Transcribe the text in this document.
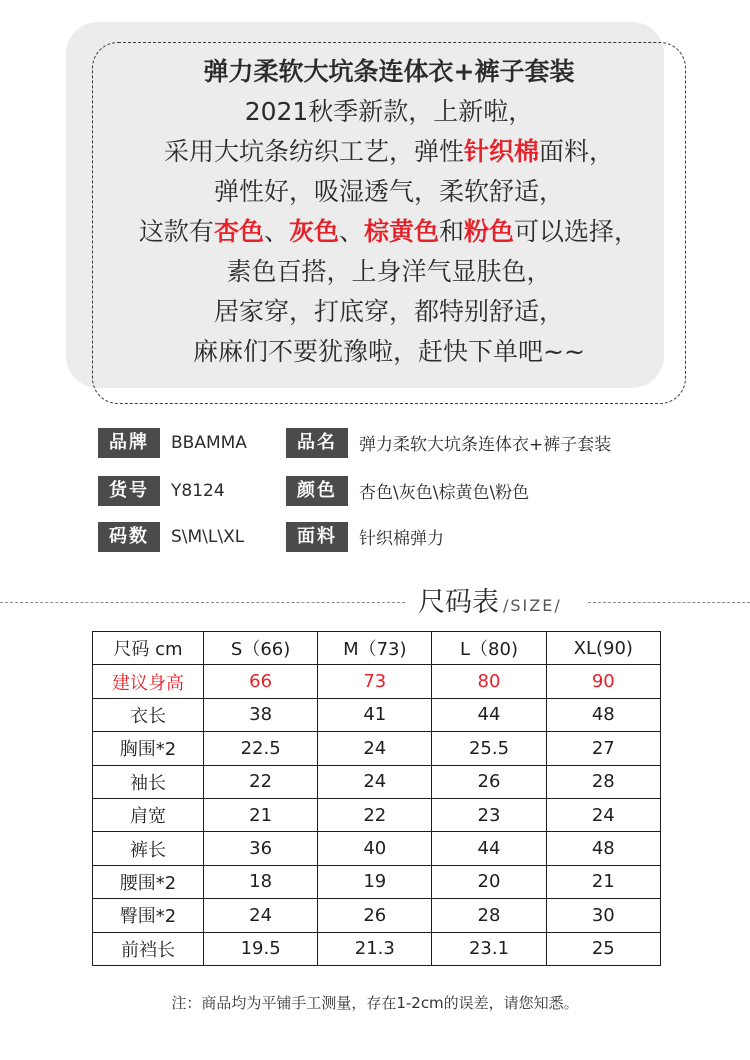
弹力柔软大坑条连体衣+裤子套装
2021秋季新款，上新啦，
采用大坑条纺织工艺，弹性针织棉面料，
弹性好，吸湿透气，柔软舒适，
这款有杏色、灰色、棕黄色和粉色可以选择，
素色百搭，上身洋气显肤色，
居家穿，打底穿，都特别舒适，
麻麻们不要犹豫啦，赶快下单吧~~
品牌	BBAMMA	品名	弹力柔软大坑条连体衣+裤子套装
货号	Y8124	颜色	杏色\灰色\棕黄色\粉色
码数	S\M\L\XL	面料	针织棉弹力
尺码表 /SIZE/
尺码 cm	S（66)	M（73)	L（80)	XL(90)
建议身高	66	73	80	90
衣长	38	41	44	48
胸围*2	22.5	24	25.5	27
袖长	22	24	26	28
肩宽	21	22	23	24
裤长	36	40	44	48
腰围*2	18	19	20	21
臀围*2	24	26	28	30
前裆长	19.5	21.3	23.1	25
注：商品均为平铺手工测量，存在1-2cm的误差，请您知悉。
